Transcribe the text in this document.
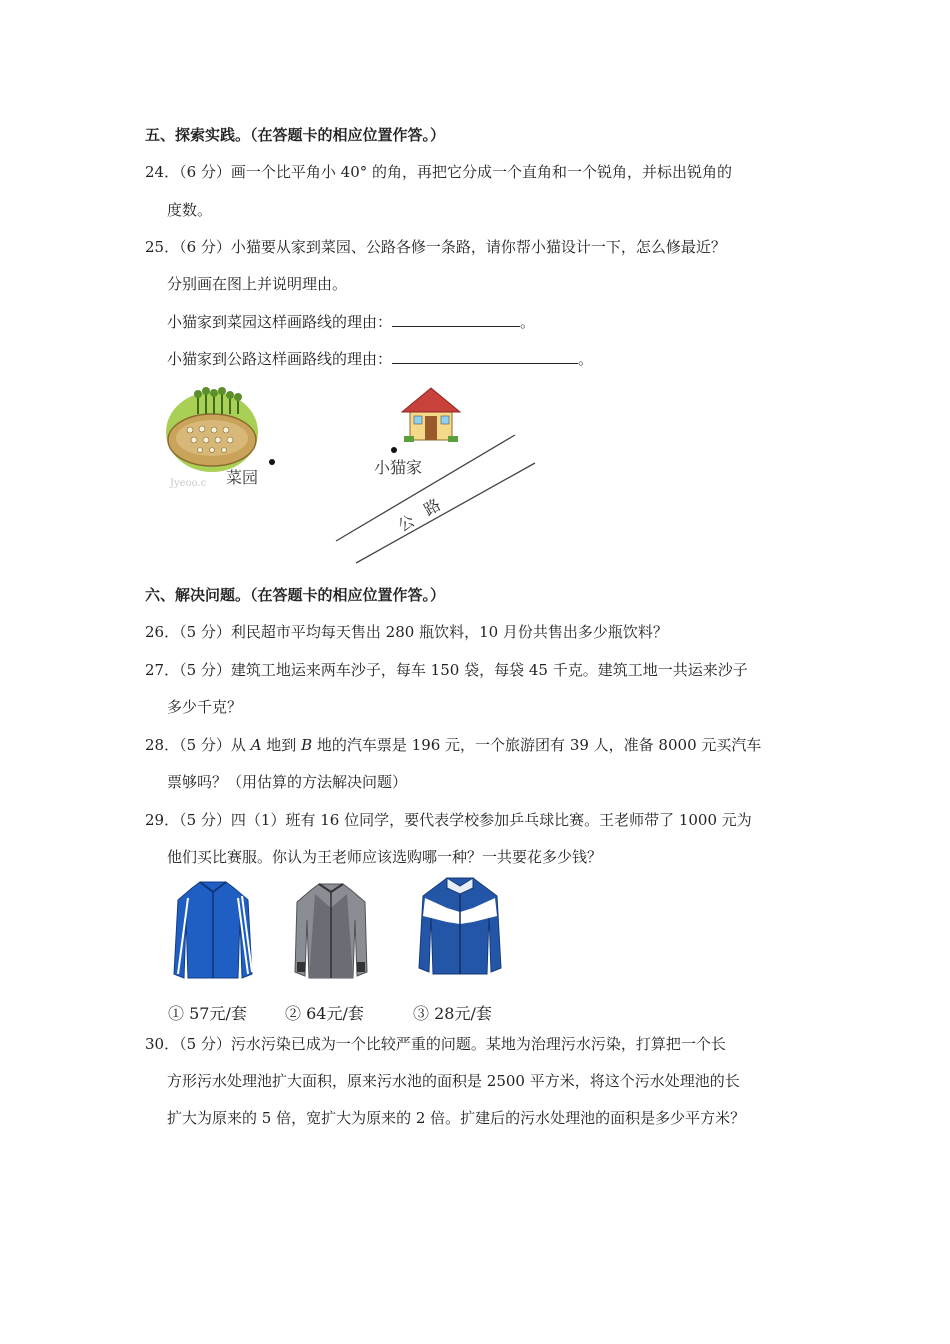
五、探索实践。（在答题卡的相应位置作答。）
24．（6 分）画一个比平角小 40° 的角，再把它分成一个直角和一个锐角，并标出锐角的
度数。
25．（6 分）小猫要从家到菜园、公路各修一条路，请你帮小猫设计一下，怎么修最近？
分别画在图上并说明理由。
小猫家到菜园这样画路线的理由：	。
小猫家到公路这样画路线的理由：	。
Jyeoo.c 菜园
小猫家
公
路
六、解决问题。（在答题卡的相应位置作答。）
26．（5 分）利民超市平均每天售出 280 瓶饮料，10 月份共售出多少瓶饮料？
27．（5 分）建筑工地运来两车沙子，每车 150 袋，每袋 45 千克。建筑工地一共运来沙子
多少千克？
28．（5 分）从 A 地到 B 地的汽车票是 196 元，一个旅游团有 39 人，准备 8000 元买汽车
票够吗？（用估算的方法解决问题）
29．（5 分）四（1）班有 16 位同学，要代表学校参加乒乓球比赛。王老师带了 1000 元为
他们买比赛服。你认为王老师应该选购哪一种？一共要花多少钱？
① 57元/套 ② 64元/套	③ 28元/套
30．（5 分）污水污染已成为一个比较严重的问题。某地为治理污水污染，打算把一个长
方形污水处理池扩大面积，原来污水池的面积是 2500 平方米，将这个污水处理池的长
扩大为原来的 5 倍，宽扩大为原来的 2 倍。扩建后的污水处理池的面积是多少平方米？
